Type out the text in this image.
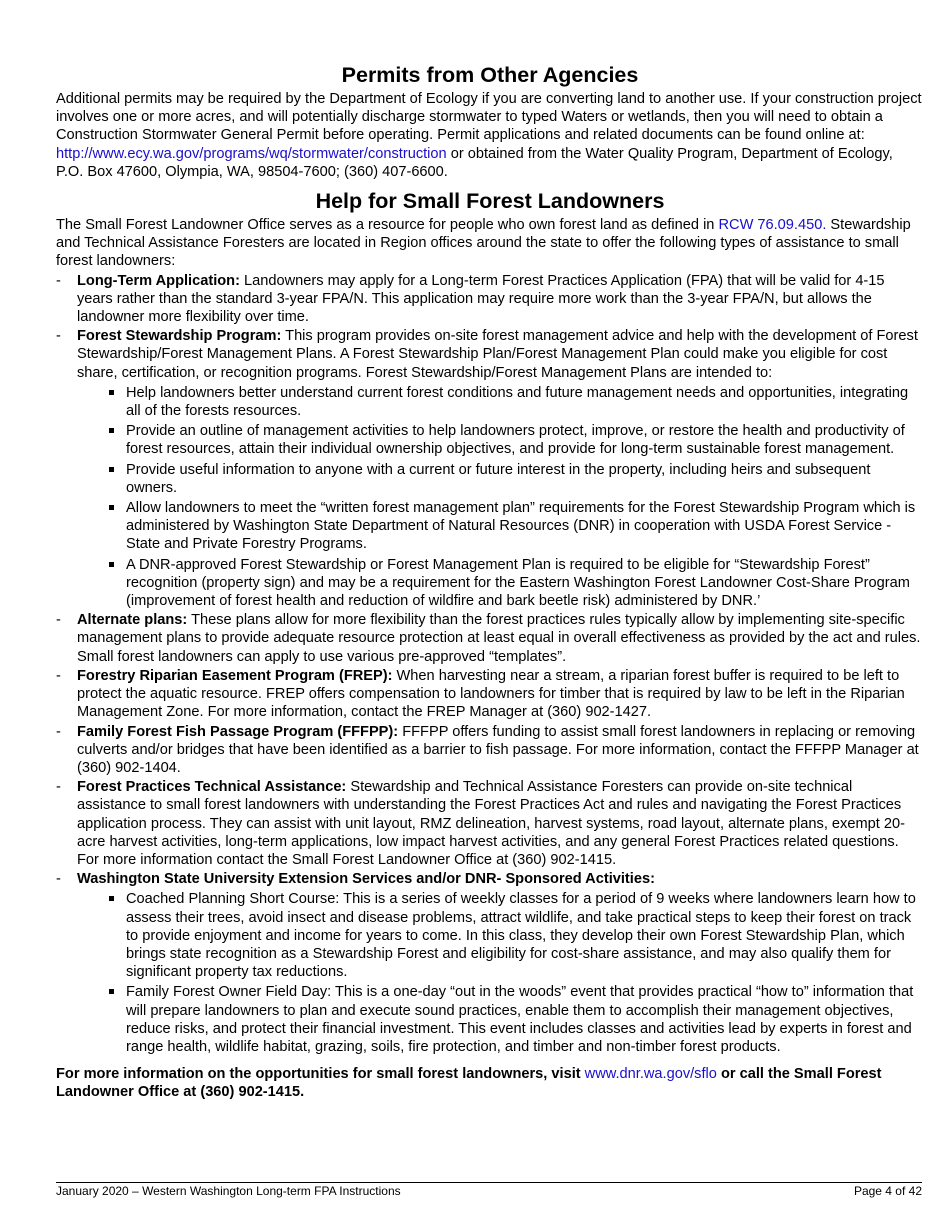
Permits from Other Agencies

Additional permits may be required by the Department of Ecology if you are converting land to another use. If your construction project involves one or more acres, and will potentially discharge stormwater to typed Waters or wetlands, then you will need to obtain a Construction Stormwater General Permit before operating. Permit applications and related documents can be found online at: http://www.ecy.wa.gov/programs/wq/stormwater/construction or obtained from the Water Quality Program, Department of Ecology, P.O. Box 47600, Olympia, WA, 98504-7600; (360) 407-6600.

Help for Small Forest Landowners

The Small Forest Landowner Office serves as a resource for people who own forest land as defined in RCW 76.09.450. Stewardship and Technical Assistance Foresters are located in Region offices around the state to offer the following types of assistance to small forest landowners:

- Long-Term Application: Landowners may apply for a Long-term Forest Practices Application (FPA) that will be valid for 4-15 years rather than the standard 3-year FPA/N. This application may require more work than the 3-year FPA/N, but allows the landowner more flexibility over time.
- Forest Stewardship Program: This program provides on-site forest management advice and help with the development of Forest Stewardship/Forest Management Plans. A Forest Stewardship Plan/Forest Management Plan could make you eligible for cost share, certification, or recognition programs. Forest Stewardship/Forest Management Plans are intended to:
Help landowners better understand current forest conditions and future management needs and opportunities, integrating all of the forests resources.
Provide an outline of management activities to help landowners protect, improve, or restore the health and productivity of forest resources, attain their individual ownership objectives, and provide for long-term sustainable forest management.
Provide useful information to anyone with a current or future interest in the property, including heirs and subsequent owners.
Allow landowners to meet the “written forest management plan” requirements for the Forest Stewardship Program which is administered by Washington State Department of Natural Resources (DNR) in cooperation with USDA Forest Service - State and Private Forestry Programs.
A DNR-approved Forest Stewardship or Forest Management Plan is required to be eligible for “Stewardship Forest” recognition (property sign) and may be a requirement for the Eastern Washington Forest Landowner Cost-Share Program (improvement of forest health and reduction of wildfire and bark beetle risk) administered by DNR.’
- Alternate plans: These plans allow for more flexibility than the forest practices rules typically allow by implementing site-specific management plans to provide adequate resource protection at least equal in overall effectiveness as provided by the act and rules. Small forest landowners can apply to use various pre-approved “templates”.
- Forestry Riparian Easement Program (FREP): When harvesting near a stream, a riparian forest buffer is required to be left to protect the aquatic resource. FREP offers compensation to landowners for timber that is required by law to be left in the Riparian Management Zone. For more information, contact the FREP Manager at (360) 902-1427.
- Family Forest Fish Passage Program (FFFPP): FFFPP offers funding to assist small forest landowners in replacing or removing culverts and/or bridges that have been identified as a barrier to fish passage. For more information, contact the FFFPP Manager at (360) 902-1404.
- Forest Practices Technical Assistance: Stewardship and Technical Assistance Foresters can provide on-site technical assistance to small forest landowners with understanding the Forest Practices Act and rules and navigating the Forest Practices application process. They can assist with unit layout, RMZ delineation, harvest systems, road layout, alternate plans, exempt 20-acre harvest activities, long-term applications, low impact harvest activities, and any general Forest Practices related questions. For more information contact the Small Forest Landowner Office at (360) 902-1415.
- Washington State University Extension Services and/or DNR- Sponsored Activities:
Coached Planning Short Course: This is a series of weekly classes for a period of 9 weeks where landowners learn how to assess their trees, avoid insect and disease problems, attract wildlife, and take practical steps to keep their forest on track to provide enjoyment and income for years to come. In this class, they develop their own Forest Stewardship Plan, which brings state recognition as a Stewardship Forest and eligibility for cost-share assistance, and may also qualify them for significant property tax reductions.
Family Forest Owner Field Day: This is a one-day “out in the woods” event that provides practical “how to” information that will prepare landowners to plan and execute sound practices, enable them to accomplish their management objectives, reduce risks, and protect their financial investment. This event includes classes and activities lead by experts in forest and range health, wildlife habitat, grazing, soils, fire protection, and timber and non-timber forest products.

For more information on the opportunities for small forest landowners, visit www.dnr.wa.gov/sflo or call the Small Forest Landowner Office at (360) 902-1415.

January 2020 – Western Washington Long-term FPA Instructions	Page 4 of 42
